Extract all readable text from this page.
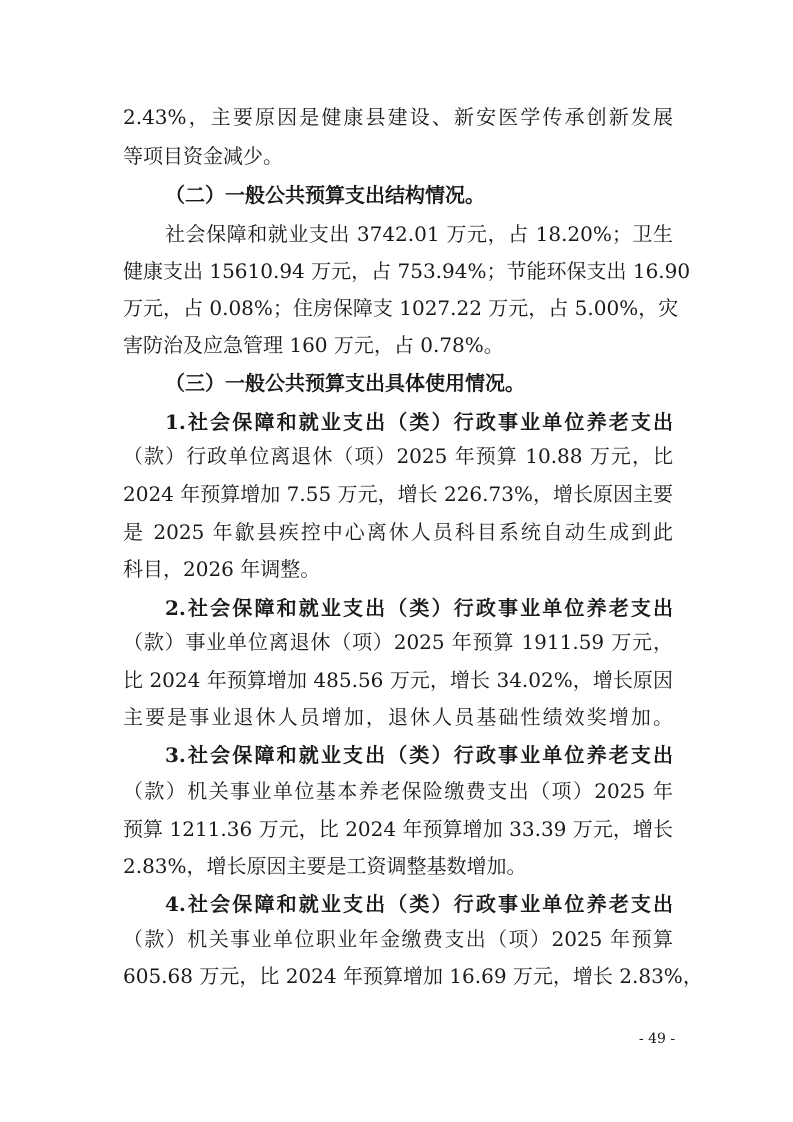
2.43%，主要原因是健康县建设、新安医学传承创新发展
等项目资金减少。
（二）一般公共预算支出结构情况。
社会保障和就业支出 3742.01 万元，占 18.20%；卫生
健康支出 15610.94 万元，占 753.94%；节能环保支出 16.90
万元，占 0.08%；住房保障支 1027.22 万元，占 5.00%，灾
害防治及应急管理 160 万元，占 0.78%。
（三）一般公共预算支出具体使用情况。
1.社会保障和就业支出（类）行政事业单位养老支出
（款）行政单位离退休（项）2025 年预算 10.88 万元，比
2024 年预算增加 7.55 万元，增长 226.73%，增长原因主要
是 2025 年歙县疾控中心离休人员科目系统自动生成到此
科目，2026 年调整。
2.社会保障和就业支出（类）行政事业单位养老支出
（款）事业单位离退休（项）2025 年预算 1911.59 万元，
比 2024 年预算增加 485.56 万元，增长 34.02%，增长原因
主要是事业退休人员增加，退休人员基础性绩效奖增加。
3.社会保障和就业支出（类）行政事业单位养老支出
（款）机关事业单位基本养老保险缴费支出（项）2025 年
预算 1211.36 万元，比 2024 年预算增加 33.39 万元，增长
2.83%，增长原因主要是工资调整基数增加。
4.社会保障和就业支出（类）行政事业单位养老支出
（款）机关事业单位职业年金缴费支出（项）2025 年预算
605.68 万元，比 2024 年预算增加 16.69 万元，增长 2.83%，
- 49 -
